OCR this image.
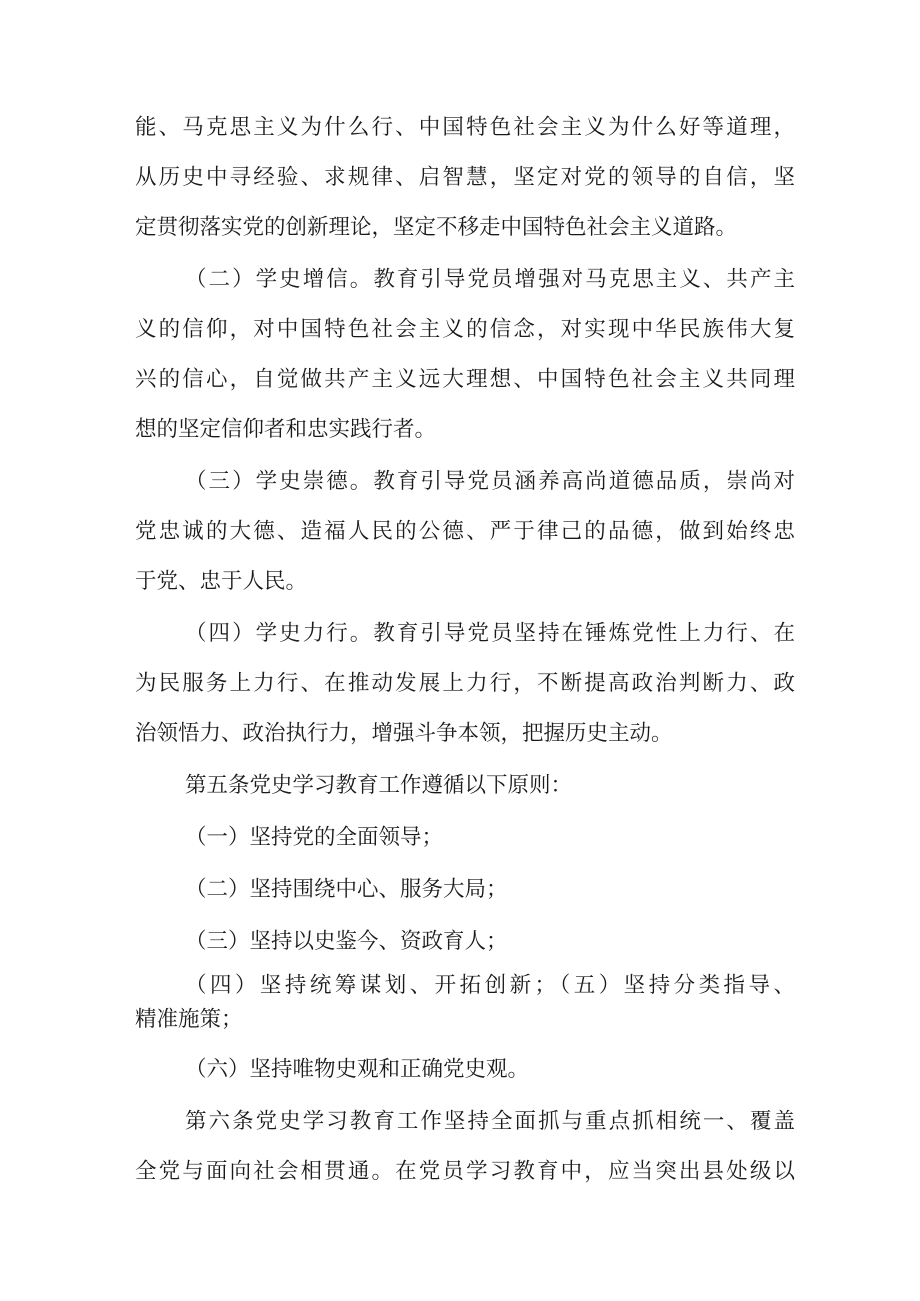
能、马克思主义为什么行、中国特色社会主义为什么好等道理，
从历史中寻经验、求规律、启智慧，坚定对党的领导的自信，坚
定贯彻落实党的创新理论，坚定不移走中国特色社会主义道路。
（二）学史增信。教育引导党员增强对马克思主义、共产主
义的信仰，对中国特色社会主义的信念，对实现中华民族伟大复
兴的信心，自觉做共产主义远大理想、中国特色社会主义共同理
想的坚定信仰者和忠实践行者。
（三）学史崇德。教育引导党员涵养高尚道德品质，崇尚对
党忠诚的大德、造福人民的公德、严于律己的品德，做到始终忠
于党、忠于人民。
（四）学史力行。教育引导党员坚持在锤炼党性上力行、在
为民服务上力行、在推动发展上力行，不断提高政治判断力、政
治领悟力、政治执行力，增强斗争本领，把握历史主动。
第五条党史学习教育工作遵循以下原则：
（一）坚持党的全面领导；
（二）坚持围绕中心、服务大局；
（三）坚持以史鉴今、资政育人；
（四）坚持统筹谋划、开拓创新；（五）坚持分类指导、
精准施策；
（六）坚持唯物史观和正确党史观。
第六条党史学习教育工作坚持全面抓与重点抓相统一、覆盖
全党与面向社会相贯通。在党员学习教育中，应当突出县处级以
